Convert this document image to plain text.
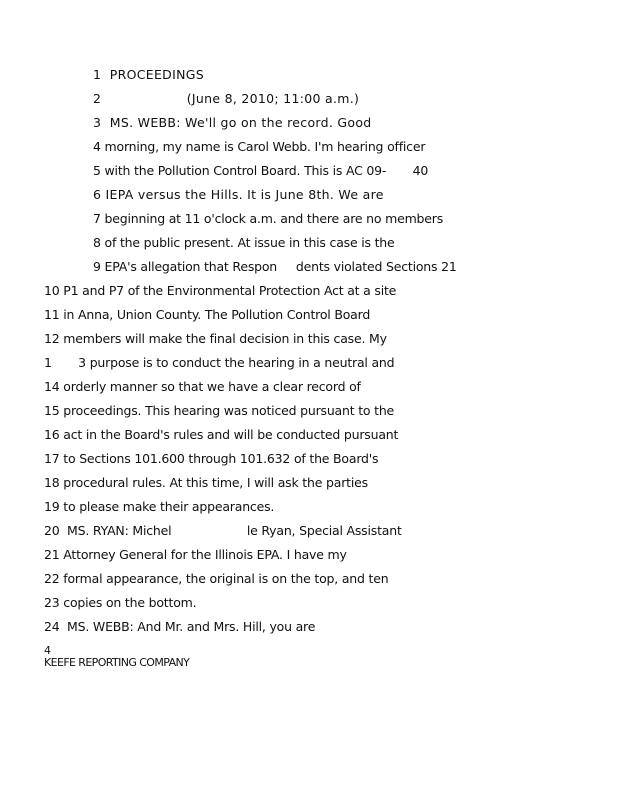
1  PROCEEDINGS
2                    (June 8, 2010; 11:00 a.m.)
3  MS. WEBB: We'll go on the record. Good
4 morning, my name is Carol Webb. I'm hearing officer
5 with the Pollution Control Board. This is AC 09-       40
6 IEPA versus the Hills. It is June 8th. We are
7 beginning at 11 o'clock a.m. and there are no members
8 of the public present. At issue in this case is the
9 EPA's allegation that Respon     dents violated Sections 21
10 P1 and P7 of the Environmental Protection Act at a site
11 in Anna, Union County. The Pollution Control Board
12 members will make the final decision in this case. My
1       3 purpose is to conduct the hearing in a neutral and
14 orderly manner so that we have a clear record of
15 proceedings. This hearing was noticed pursuant to the
16 act in the Board's rules and will be conducted pursuant
17 to Sections 101.600 through 101.632 of the Board's
18 procedural rules. At this time, I will ask the parties
19 to please make their appearances.
20  MS. RYAN: Michel                    le Ryan, Special Assistant
21 Attorney General for the Illinois EPA. I have my
22 formal appearance, the original is on the top, and ten
23 copies on the bottom.
24  MS. WEBB: And Mr. and Mrs. Hill, you are
4
KEEFE REPORTING COMPANY
